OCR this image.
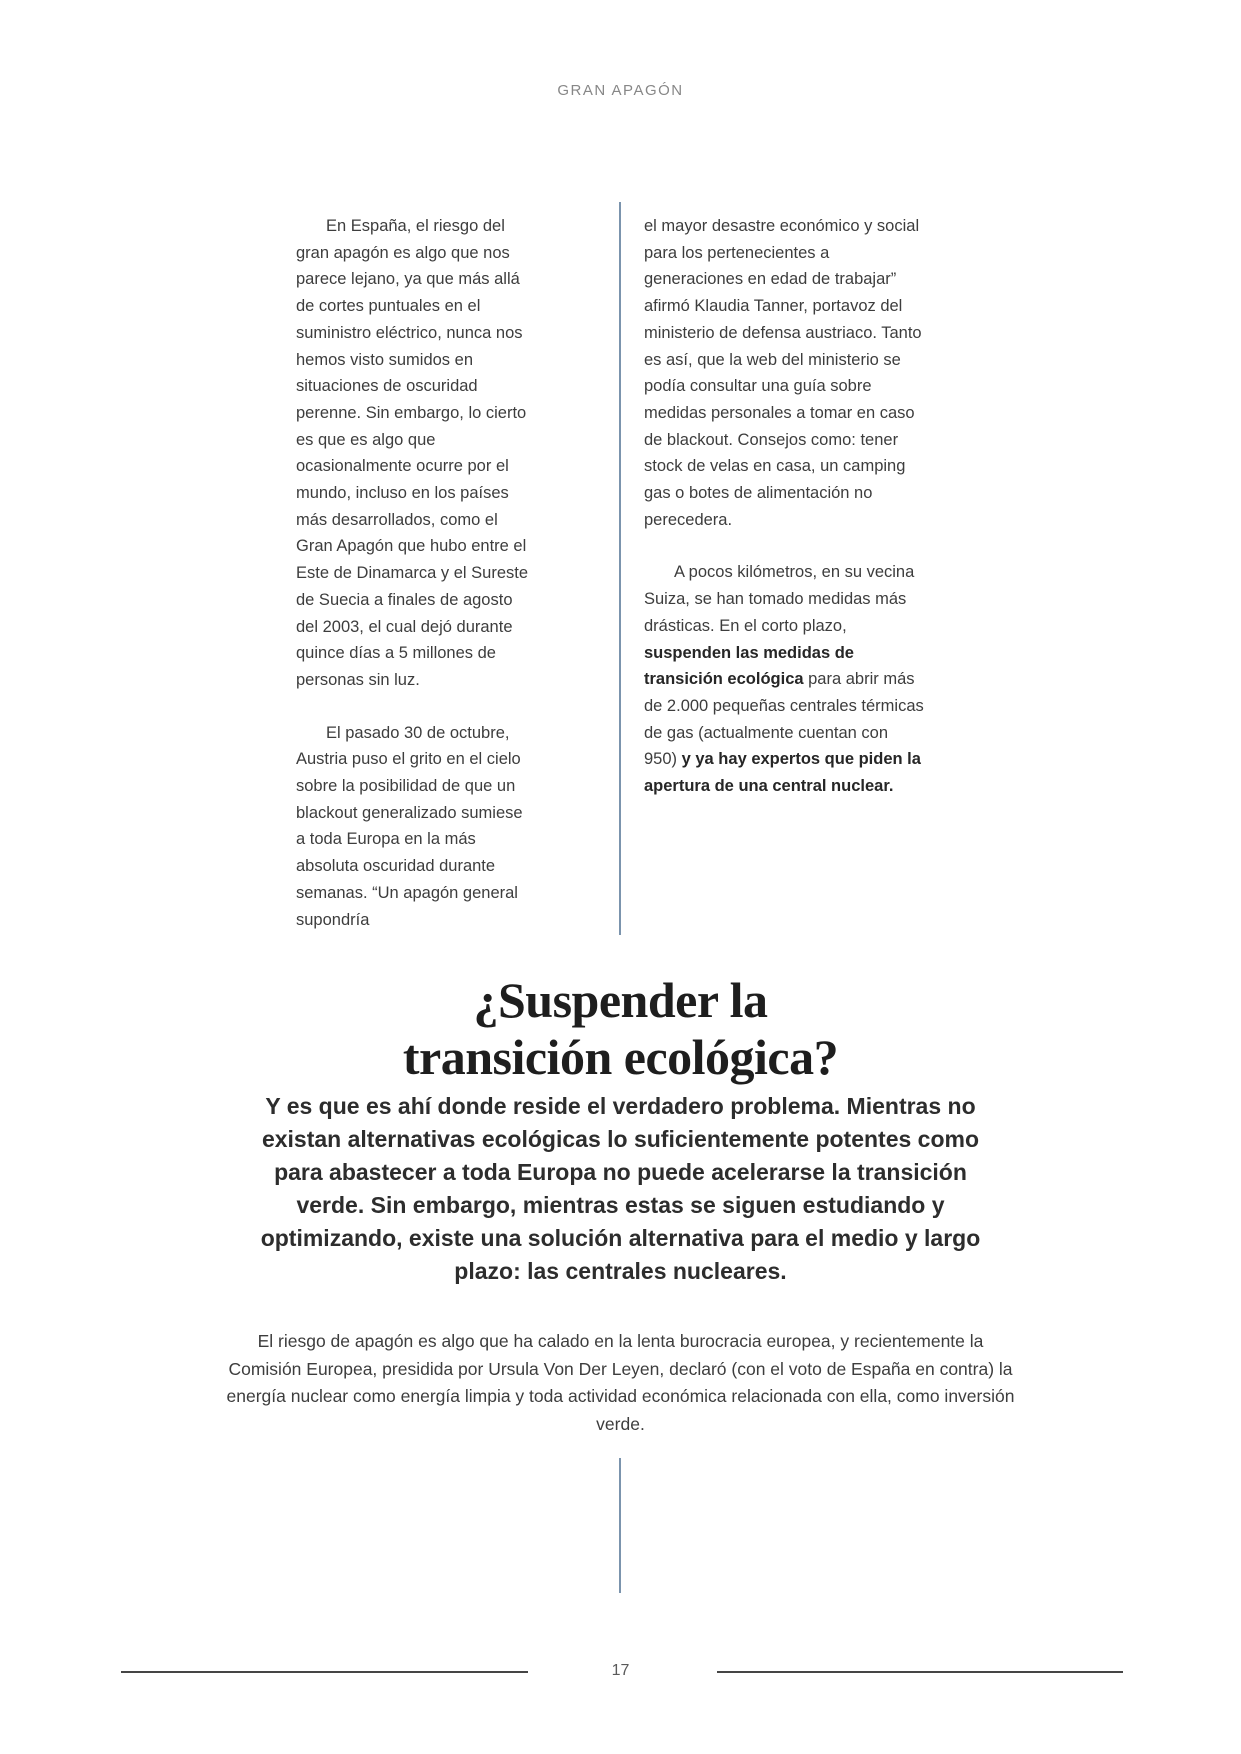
GRAN APAGÓN

En España, el riesgo del gran apagón es algo que nos parece lejano, ya que más allá de cortes puntuales en el suministro eléctrico, nunca nos hemos visto sumidos en situaciones de oscuridad perenne. Sin embargo, lo cierto es que es algo que ocasionalmente ocurre por el mundo, incluso en los países más desarrollados, como el Gran Apagón que hubo entre el Este de Dinamarca y el Sureste de Suecia a finales de agosto del 2003, el cual dejó durante quince días a 5 millones de personas sin luz.

El pasado 30 de octubre, Austria puso el grito en el cielo sobre la posibilidad de que un blackout generalizado sumiese a toda Europa en la más absoluta oscuridad durante semanas. “Un apagón general supondría

el mayor desastre económico y social para los pertenecientes a generaciones en edad de trabajar” afirmó Klaudia Tanner, portavoz del ministerio de defensa austriaco. Tanto es así, que la web del ministerio se podía consultar una guía sobre medidas personales a tomar en caso de blackout. Consejos como: tener stock de velas en casa, un camping gas o botes de alimentación no perecedera.

A pocos kilómetros, en su vecina Suiza, se han tomado medidas más drásticas. En el corto plazo, suspenden las medidas de transición ecológica para abrir más de 2.000 pequeñas centrales térmicas de gas (actualmente cuentan con 950) y ya hay expertos que piden la apertura de una central nuclear.

¿Suspender la
transición ecológica?
Y es que es ahí donde reside el verdadero problema. Mientras no existan alternativas ecológicas lo suficientemente potentes como para abastecer a toda Europa no puede acelerarse la transición verde. Sin embargo, mientras estas se siguen estudiando y optimizando, existe una solución alternativa para el medio y largo plazo: las centrales nucleares.
El riesgo de apagón es algo que ha calado en la lenta burocracia europea, y recientemente la Comisión Europea, presidida por Ursula Von Der Leyen, declaró (con el voto de España en contra) la energía nuclear como energía limpia y toda actividad económica relacionada con ella, como inversión verde.
17
